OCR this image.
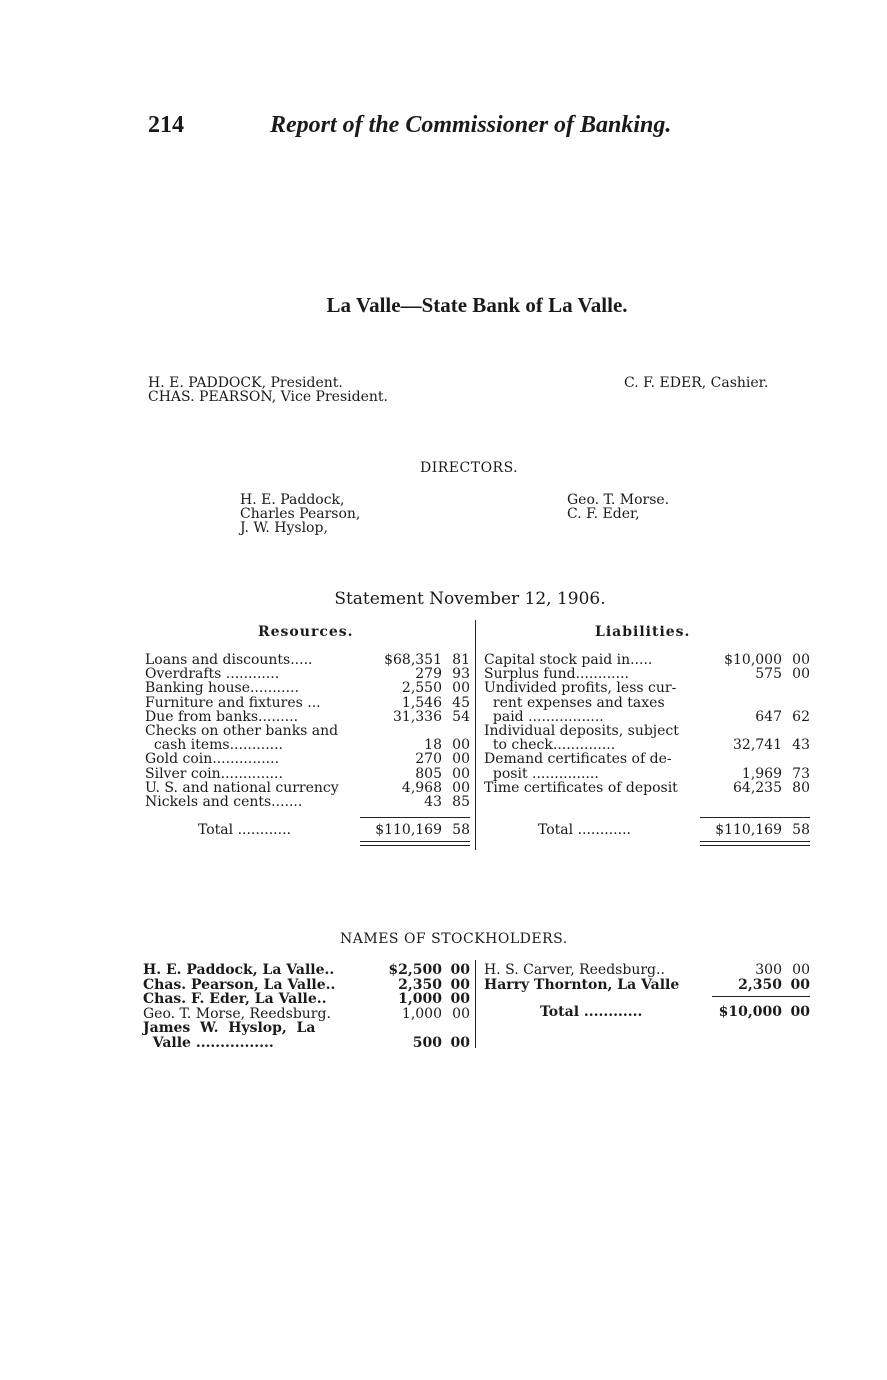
214	Report of the Commissioner of Banking.
La Valle—State Bank of La Valle.
H. E. PADDOCK, President.
CHAS. PEARSON, Vice President.
C. F. EDER, Cashier.
DIRECTORS.
H. E. Paddock,
Charles Pearson,
J. W. Hyslop,
Geo. T. Morse.
C. F. Eder,
Statement November 12, 1906.
Resources.	Liabilities.
Loans and discounts.....	$68,351 81
Overdrafts ............	279 93
Banking house...........	2,550 00
Furniture and fixtures ...	1,546 45
Due from banks.........	31,336 54
Checks on other banks and
cash items............	18 00
Gold coin...............	270 00
Silver coin..............	805 00
U. S. and national currency	4,968 00
Nickels and cents.......	43 85
Capital stock paid in.....	$10,000 00
Surplus fund............	575 00
Undivided profits, less cur-
rent expenses and taxes
paid .................	647 62
Individual deposits, subject
to check..............	32,741 43
Demand certificates of de-
posit ...............	1,969 73
Time certificates of deposit	64,235 80
Total ............	$110,169 58	Total ............	$110,169 58
NAMES OF STOCKHOLDERS.
H. E. Paddock, La Valle..	$2,500 00
Chas. Pearson, La Valle..	2,350 00
Chas. F. Eder, La Valle..	1,000 00
Geo. T. Morse, Reedsburg.	1,000 00
James  W.  Hyslop,  La
Valle ................	500 00
H. S. Carver, Reedsburg..	300 00
Harry Thornton, La Valle	2,350 00
Total ............	$10,000 00
